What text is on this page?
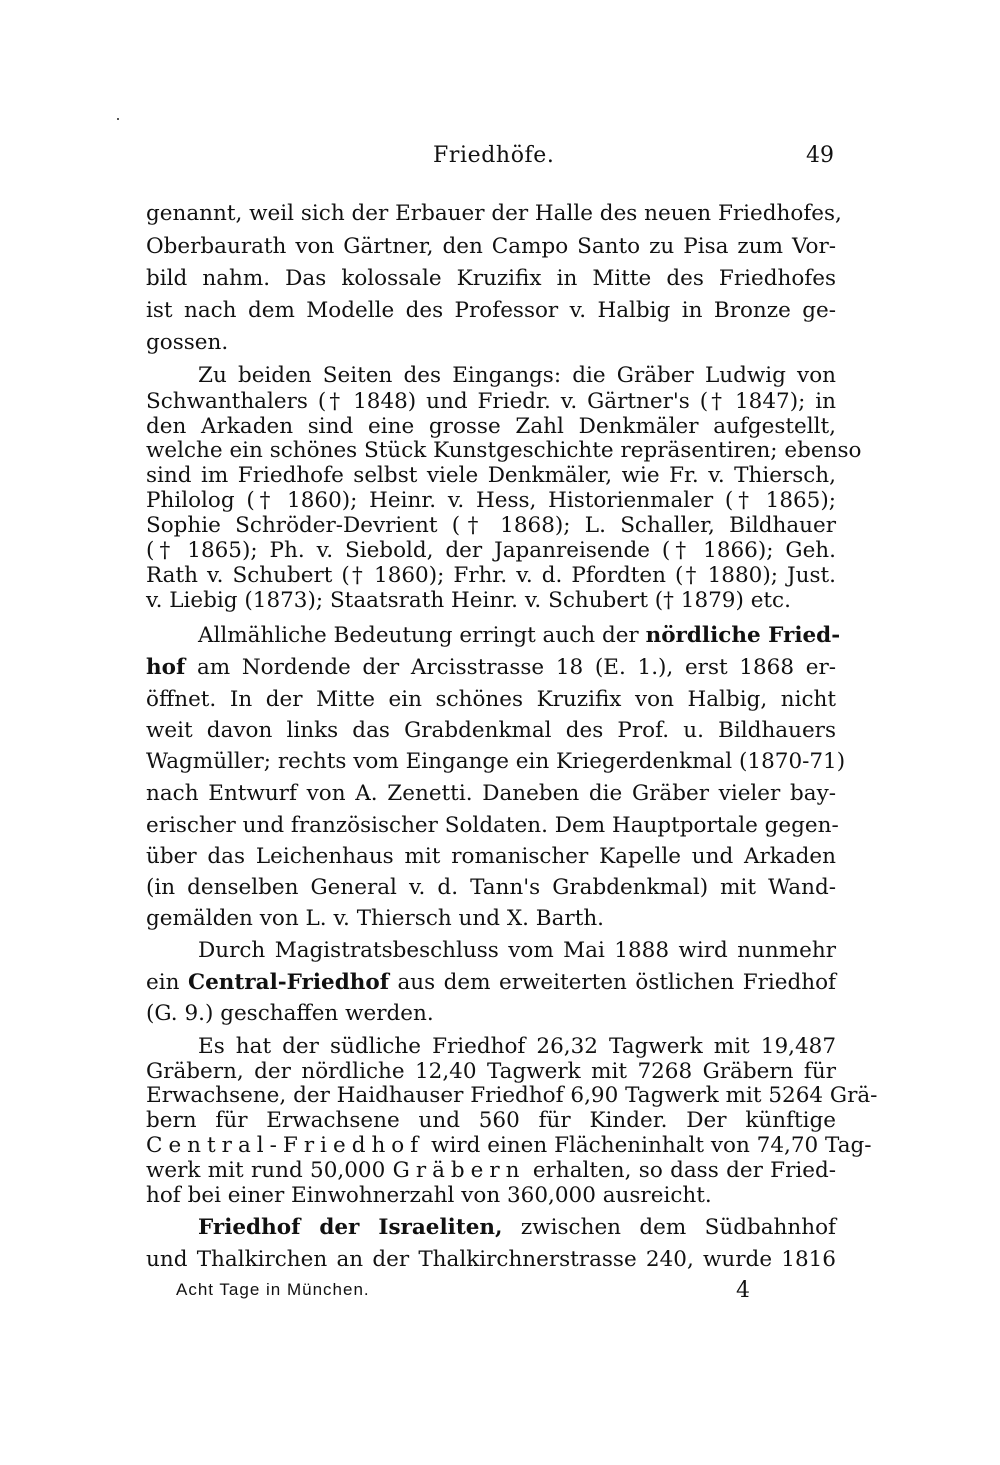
Friedhöfe.	49
genannt, weil sich der Erbauer der Halle des neuen Friedhofes,
Oberbaurath von Gärtner, den Campo Santo zu Pisa zum Vor-
bild nahm. Das kolossale Kruzifix in Mitte des Friedhofes
ist nach dem Modelle des Professor v. Halbig in Bronze ge-
gossen.
Zu beiden Seiten des Eingangs: die Gräber Ludwig von
Schwanthalers († 1848) und Friedr. v. Gärtner's († 1847); in
den Arkaden sind eine grosse Zahl Denkmäler aufgestellt,
welche ein schönes Stück Kunstgeschichte repräsentiren; ebenso
sind im Friedhofe selbst viele Denkmäler, wie Fr. v. Thiersch,
Philolog († 1860); Heinr. v. Hess, Historienmaler († 1865);
Sophie Schröder-Devrient († 1868); L. Schaller, Bildhauer
(† 1865); Ph. v. Siebold, der Japanreisende († 1866); Geh.
Rath v. Schubert († 1860); Frhr. v. d. Pfordten († 1880); Just.
v. Liebig (1873); Staatsrath Heinr. v. Schubert († 1879) etc.
Allmähliche Bedeutung erringt auch der nördliche Fried-
hof am Nordende der Arcisstrasse 18 (E. 1.), erst 1868 er-
öffnet. In der Mitte ein schönes Kruzifix von Halbig, nicht
weit davon links das Grabdenkmal des Prof. u. Bildhauers
Wagmüller; rechts vom Eingange ein Kriegerdenkmal (1870-71)
nach Entwurf von A. Zenetti. Daneben die Gräber vieler bay-
erischer und französischer Soldaten. Dem Hauptportale gegen-
über das Leichenhaus mit romanischer Kapelle und Arkaden
(in denselben General v. d. Tann's Grabdenkmal) mit Wand-
gemälden von L. v. Thiersch und X. Barth.
Durch Magistratsbeschluss vom Mai 1888 wird nunmehr
ein Central-Friedhof aus dem erweiterten östlichen Friedhof
(G. 9.) geschaffen werden.
Es hat der südliche Friedhof 26,32 Tagwerk mit 19,487
Gräbern, der nördliche 12,40 Tagwerk mit 7268 Gräbern für
Erwachsene, der Haidhauser Friedhof 6,90 Tagwerk mit 5264 Grä-
bern für Erwachsene und 560 für Kinder. Der künftige
Central-Friedhof wird einen Flächeninhalt von 74,70 Tag-
werk mit rund 50,000 Gräbern erhalten, so dass der Fried-
hof bei einer Einwohnerzahl von 360,000 ausreicht.
Friedhof der Israeliten, zwischen dem Südbahnhof
und Thalkirchen an der Thalkirchnerstrasse 240, wurde 1816
Acht Tage in München.	4
